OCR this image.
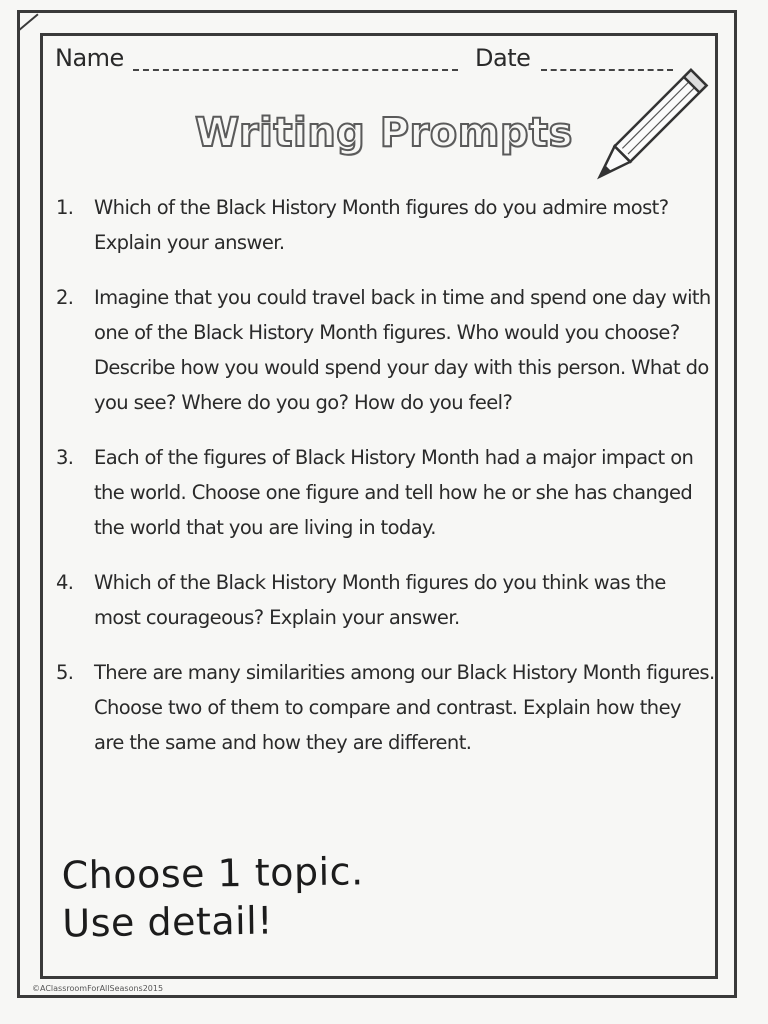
Name	Date
Writing Prompts
1. Which of the Black History Month figures do you admire most? Explain your answer.
2. Imagine that you could travel back in time and spend one day with one of the Black History Month figures. Who would you choose? Describe how you would spend your day with this person. What do you see? Where do you go? How do you feel?
3. Each of the figures of Black History Month had a major impact on the world. Choose one figure and tell how he or she has changed the world that you are living in today.
4. Which of the Black History Month figures do you think was the most courageous? Explain your answer.
5. There are many similarities among our Black History Month figures. Choose two of them to compare and contrast. Explain how they are the same and how they are different.
Choose 1 topic.
Use detail!
©AClassroomForAllSeasons2015
